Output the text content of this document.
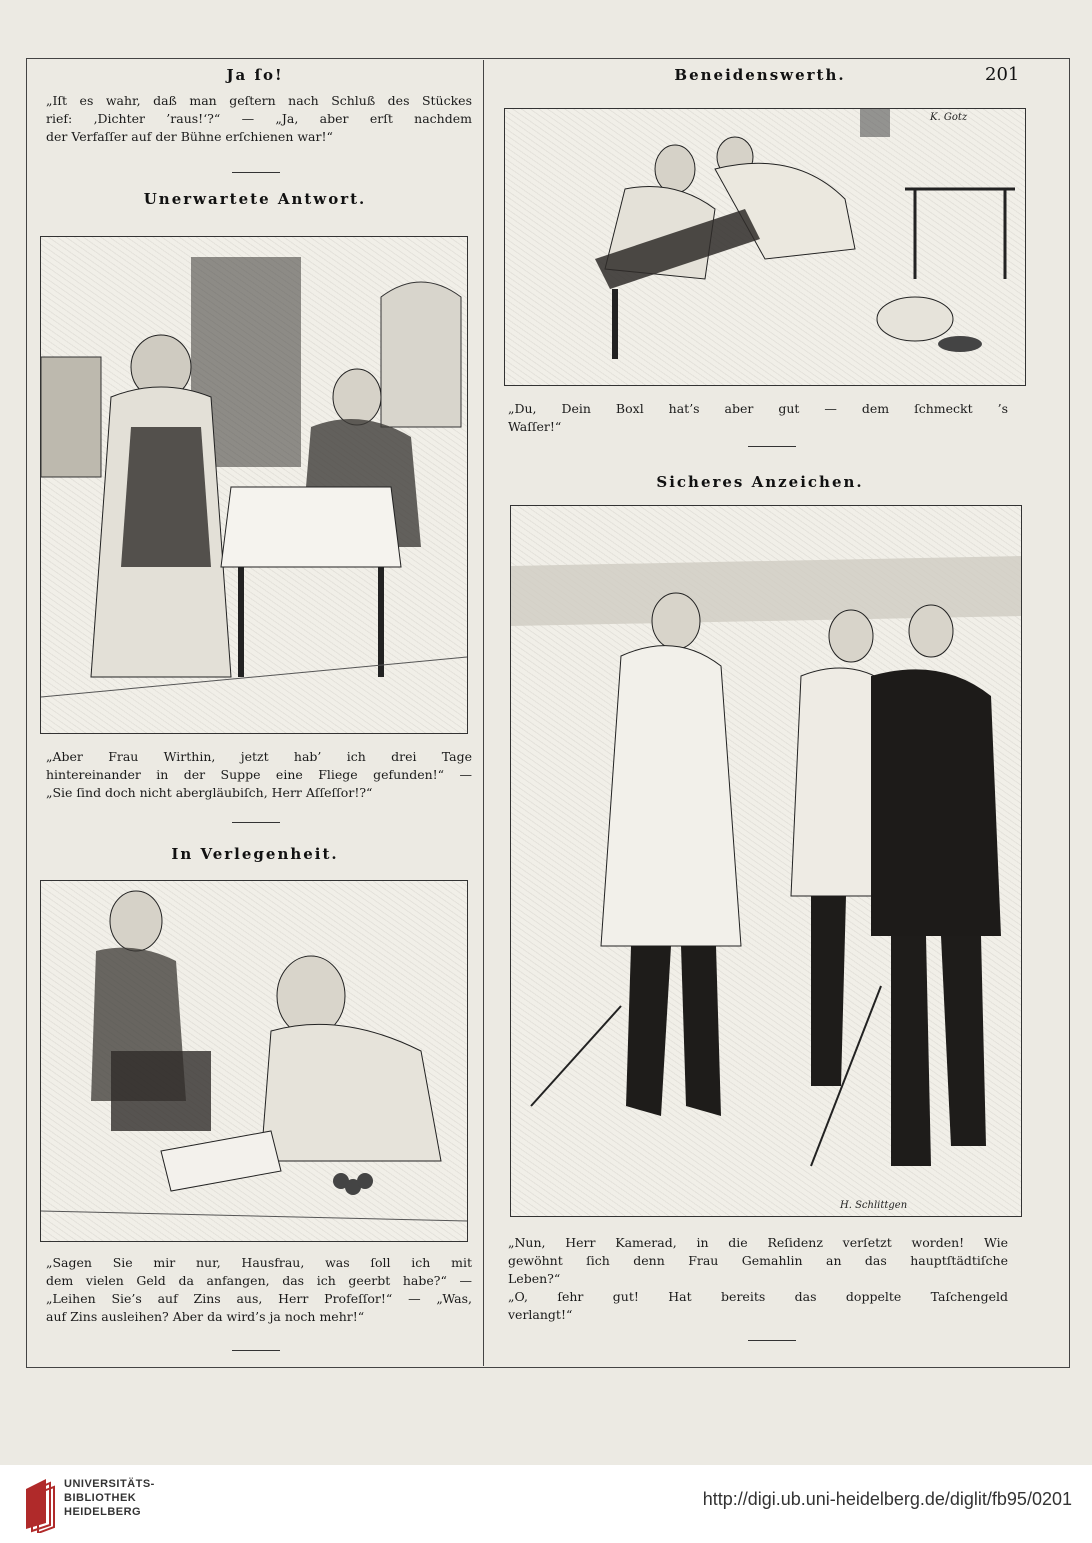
Ja ſo!
„Iſt es wahr, daß man geſtern nach Schluß des Stückes
rief: ‚Dichter ’raus!‘?“ — „Ja, aber erſt nachdem
der Verfaſſer auf der Bühne erſchienen war!“
Unerwartete Antwort.
„Aber Frau Wirthin, jetzt hab’ ich drei Tage
hintereinander in der Suppe eine Fliege gefunden!“ —
„Sie ſind doch nicht abergläubiſch, Herr Aſſeſſor!?“
In Verlegenheit.
„Sagen Sie mir nur, Hausfrau, was ſoll ich mit
dem vielen Geld da anfangen, das ich geerbt habe?“ —
„Leihen Sie’s auf Zins aus, Herr Profeſſor!“ — „Was,
auf Zins ausleihen? Aber da wird’s ja noch mehr!“
Beneidenswerth.	201
K. Gotz
„Du, Dein Boxl hat’s aber gut — dem ſchmeckt ’s
Waſſer!“
Sicheres Anzeichen.
H. Schlittgen
„Nun, Herr Kamerad, in die Reſidenz verſetzt worden! Wie
gewöhnt ſich denn Frau Gemahlin an das hauptſtädtiſche
Leben?“
„O, ſehr gut! Hat bereits das doppelte Taſchengeld
verlangt!“
UNIVERSITÄTS-
BIBLIOTHEK
HEIDELBERG
http://digi.ub.uni-heidelberg.de/diglit/fb95/0201
